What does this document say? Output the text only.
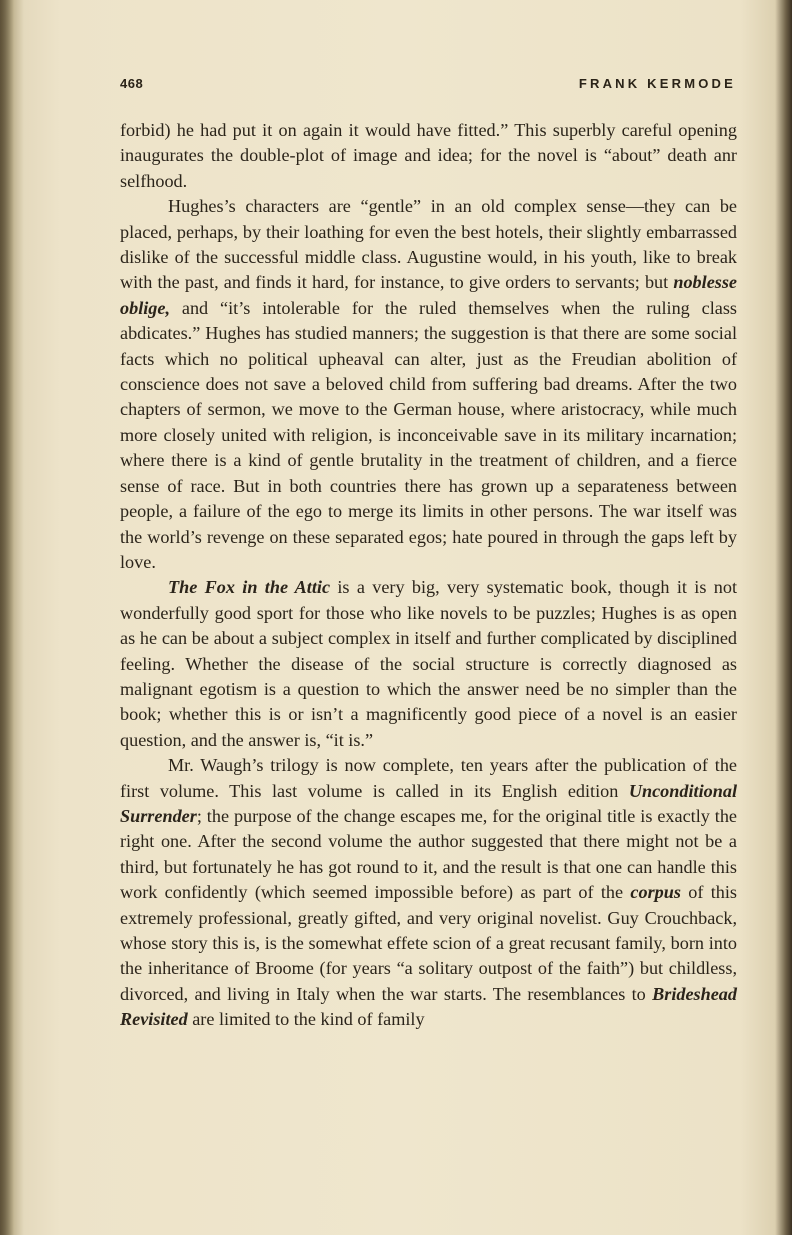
468	FRANK KERMODE

forbid) he had put it on again it would have fitted.” This superbly careful opening inaugurates the double-plot of image and idea; for the novel is “about” death anr selfhood.

Hughes’s characters are “gentle” in an old complex sense—they can be placed, perhaps, by their loathing for even the best hotels, their slightly embarrassed dislike of the successful middle class. Augustine would, in his youth, like to break with the past, and finds it hard, for instance, to give orders to servants; but noblesse oblige, and “it’s intolerable for the ruled themselves when the ruling class abdicates.” Hughes has studied manners; the suggestion is that there are some social facts which no political upheaval can alter, just as the Freudian abolition of conscience does not save a beloved child from suffering bad dreams. After the two chapters of sermon, we move to the German house, where aristocracy, while much more closely united with religion, is inconceivable save in its military incarnation; where there is a kind of gentle brutality in the treatment of children, and a fierce sense of race. But in both countries there has grown up a separateness between people, a failure of the ego to merge its limits in other persons. The war itself was the world’s revenge on these separated egos; hate poured in through the gaps left by love.

The Fox in the Attic is a very big, very systematic book, though it is not wonderfully good sport for those who like novels to be puzzles; Hughes is as open as he can be about a subject complex in itself and further complicated by disciplined feeling. Whether the disease of the social structure is correctly diagnosed as malignant egotism is a question to which the answer need be no simpler than the book; whether this is or isn’t a magnificently good piece of a novel is an easier question, and the answer is, “it is.”

Mr. Waugh’s trilogy is now complete, ten years after the publication of the first volume. This last volume is called in its English edition Unconditional Surrender; the purpose of the change escapes me, for the original title is exactly the right one. After the second volume the author suggested that there might not be a third, but fortunately he has got round to it, and the result is that one can handle this work confidently (which seemed impossible before) as part of the corpus of this extremely professional, greatly gifted, and very original novelist. Guy Crouchback, whose story this is, is the somewhat effete scion of a great recusant family, born into the inheritance of Broome (for years “a solitary outpost of the faith”) but childless, divorced, and living in Italy when the war starts. The resemblances to Brideshead Revisited are limited to the kind of family
